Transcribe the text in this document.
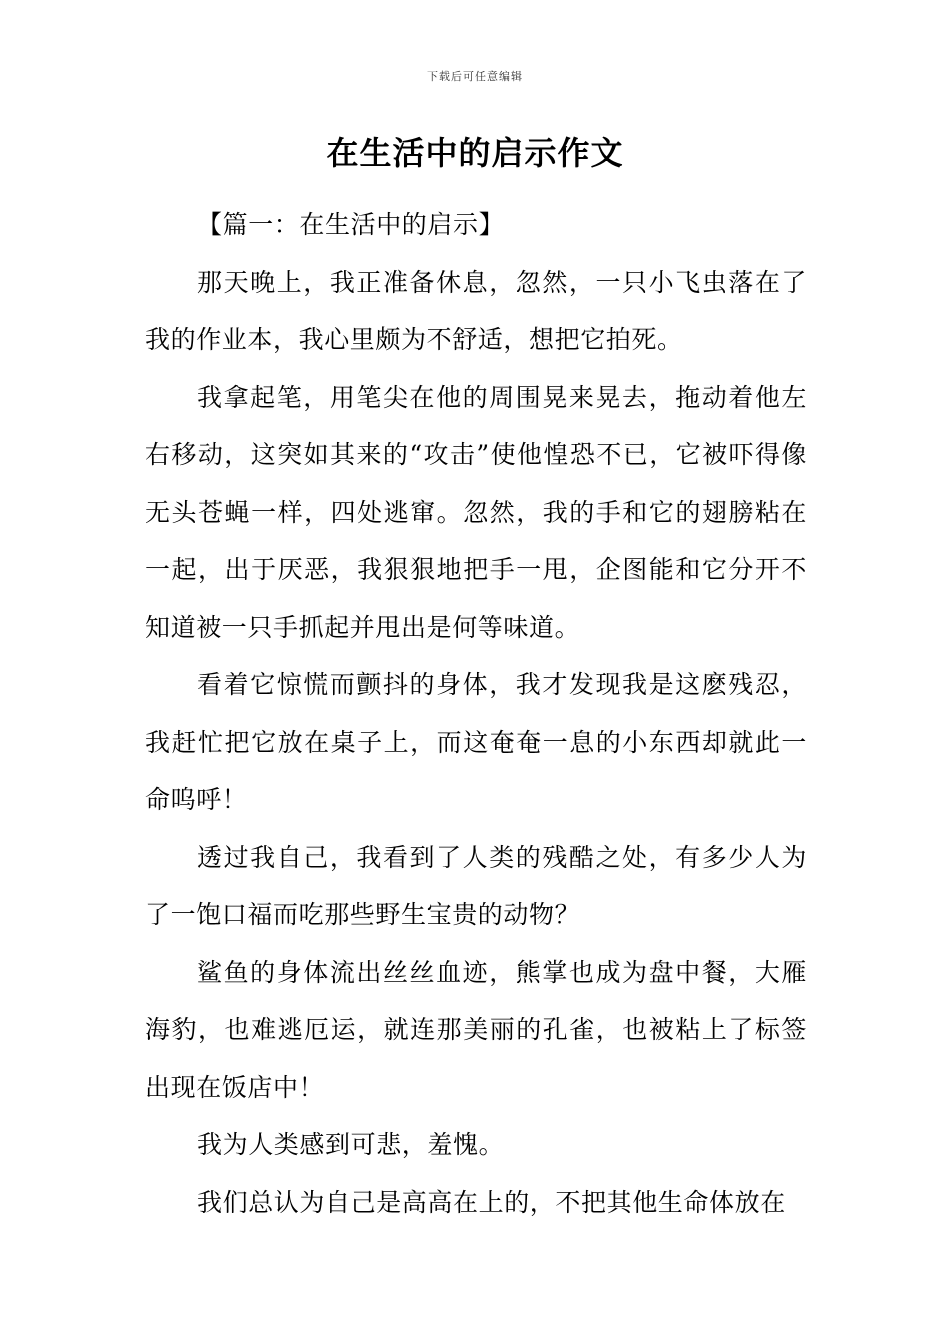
下载后可任意编辑
在生活中的启示作文

【篇一：在生活中的启示】

那天晚上，我正准备休息，忽然，一只小飞虫落在了我的作业本，我心里颇为不舒适，想把它拍死。

我拿起笔，用笔尖在他的周围晃来晃去，拖动着他左右移动，这突如其来的“攻击”使他惶恐不已，它被吓得像无头苍蝇一样，四处逃窜。忽然，我的手和它的翅膀粘在一起，出于厌恶，我狠狠地把手一甩，企图能和它分开不知道被一只手抓起并甩出是何等味道。

看着它惊慌而颤抖的身体，我才发现我是这麽残忍，我赶忙把它放在桌子上，而这奄奄一息的小东西却就此一命呜呼！

透过我自己，我看到了人类的残酷之处，有多少人为了一饱口福而吃那些野生宝贵的动物？

鲨鱼的身体流出丝丝血迹，熊掌也成为盘中餐，大雁海豹，也难逃厄运，就连那美丽的孔雀，也被粘上了标签出现在饭店中！

我为人类感到可悲，羞愧。

我们总认为自己是高高在上的，不把其他生命体放在
